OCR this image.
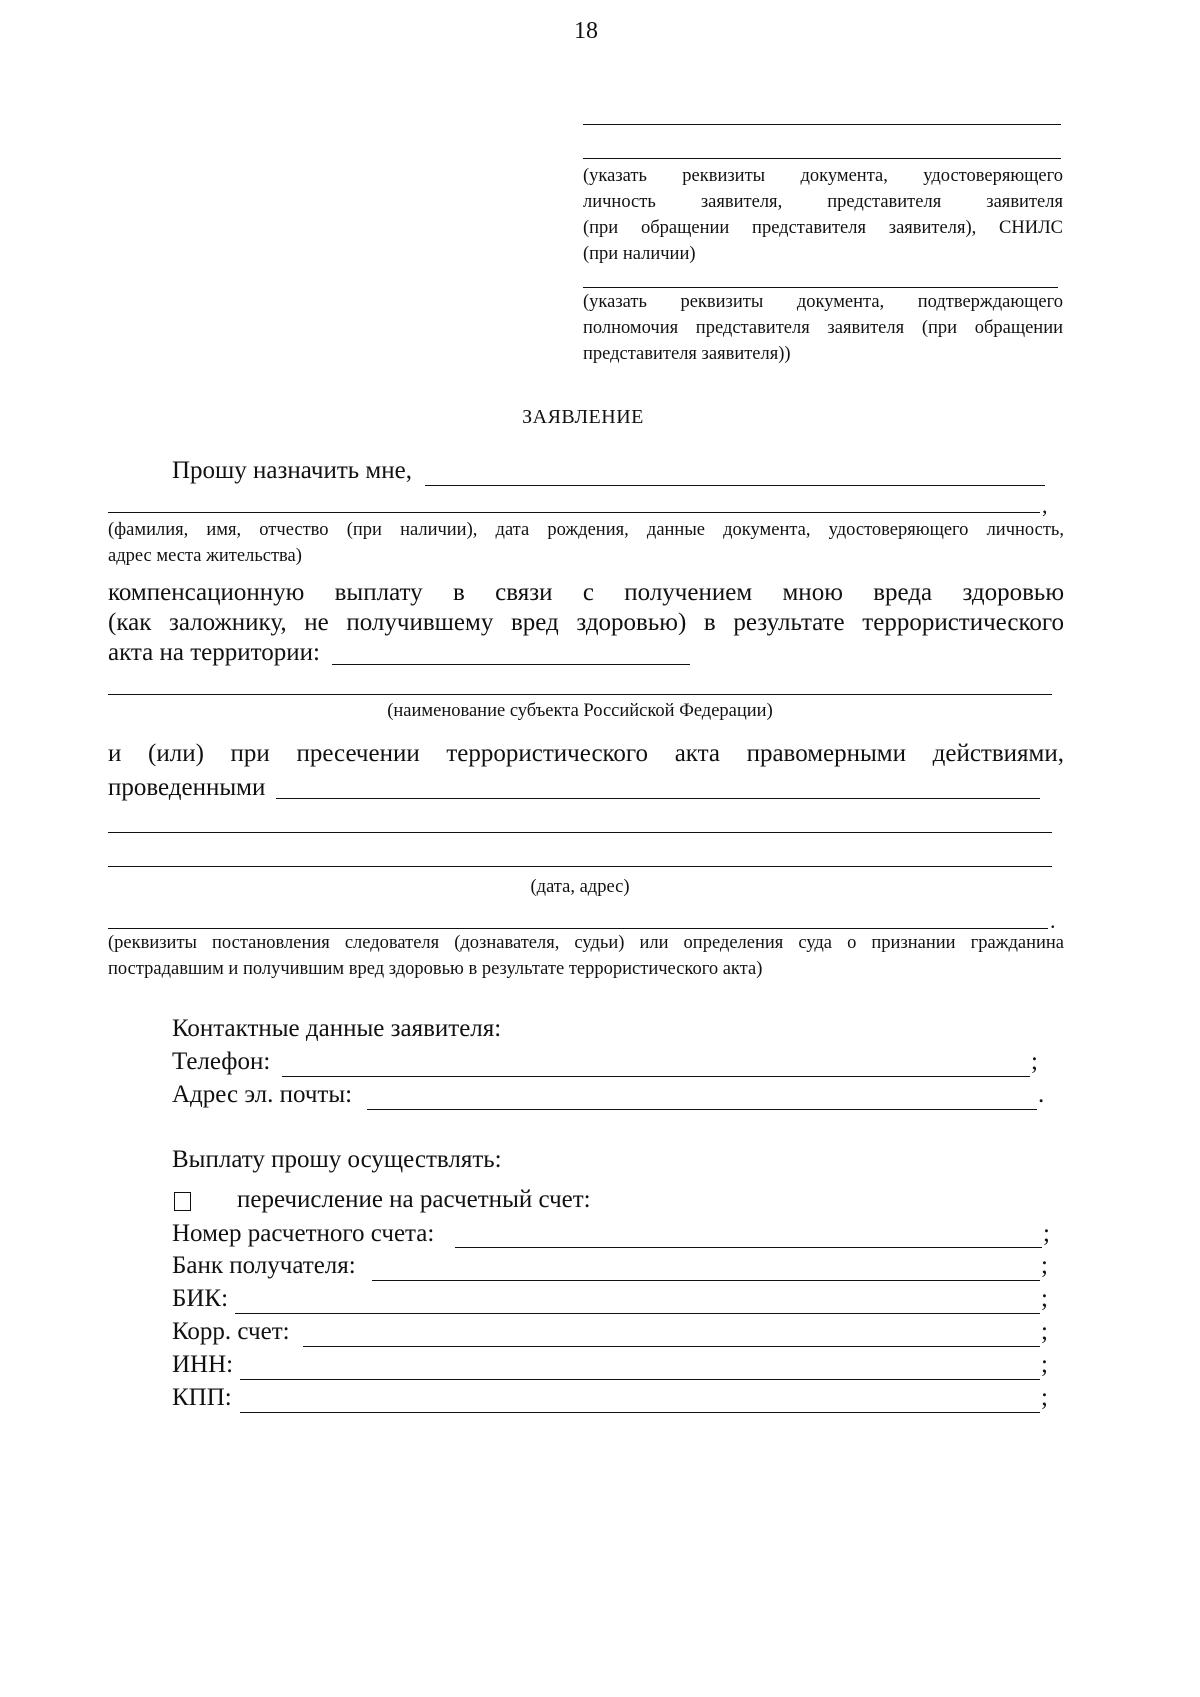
18
(указать реквизиты документа, удостоверяющего
личность заявителя, представителя заявителя
(при обращении представителя заявителя), СНИЛС
(при наличии)
(указать реквизиты документа, подтверждающего
полномочия представителя заявителя (при обращении
представителя заявителя))
ЗАЯВЛЕНИЕ
Прошу назначить мне,
,
(фамилия, имя, отчество (при наличии), дата рождения, данные документа, удостоверяющего личность,
адрес места жительства)
компенсационную выплату в связи с получением мною вреда здоровью
(как заложнику, не получившему вред здоровью) в результате террористического
акта на территории:
(наименование субъекта Российской Федерации)
и (или) при пресечении террористического акта правомерными действиями,
проведенными
(дата, адрес)
.
(реквизиты постановления следователя (дознавателя, судьи) или определения суда о признании гражданина
пострадавшим и получившим вред здоровью в результате террористического акта)
Контактные данные заявителя:
Телефон:	;
Адрес эл. почты:	.
Выплату прошу осуществлять:
перечисление на расчетный счет:
Номер расчетного счета:	;
Банк получателя:	;
БИК:	;
Корр. счет:	;
ИНН:	;
КПП:	;
